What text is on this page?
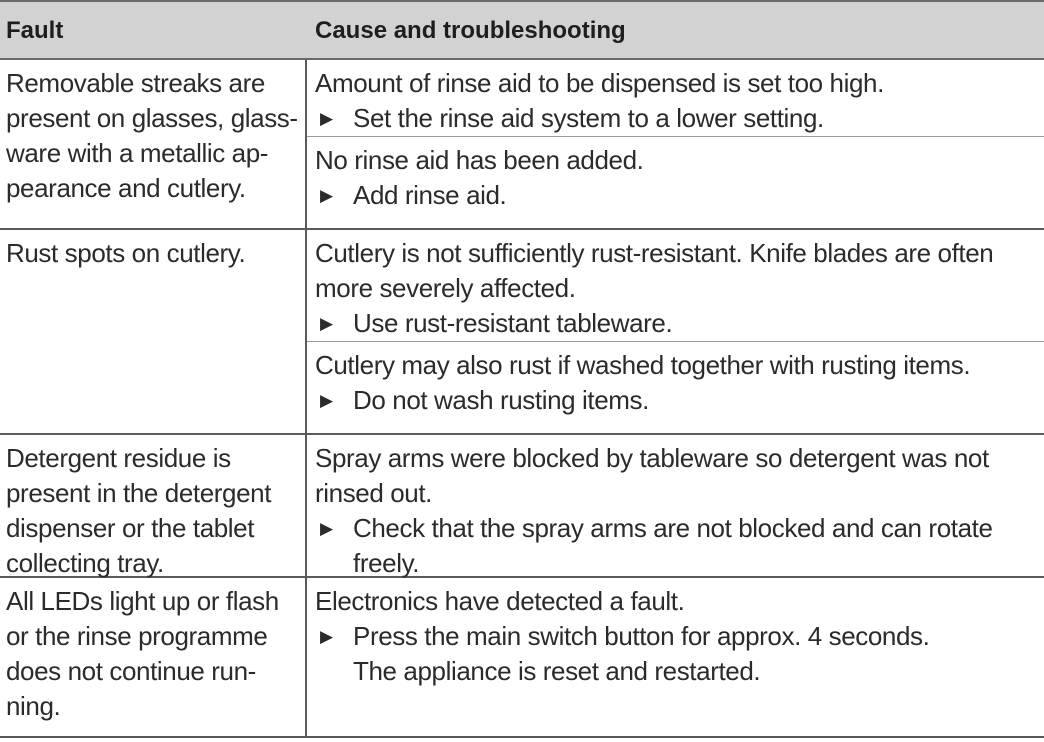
Fault	Cause and troubleshooting
Removable streaks are
present on glasses, glass-
ware with a metallic ap-
pearance and cutlery.
Amount of rinse aid to be dispensed is set too high.
▶ Set the rinse aid system to a lower setting.
No rinse aid has been added.
▶ Add rinse aid.
Rust spots on cutlery.	Cutlery is not sufficiently rust-resistant. Knife blades are often
more severely affected.
▶ Use rust-resistant tableware.
Cutlery may also rust if washed together with rusting items.
▶ Do not wash rusting items.
Detergent residue is
present in the detergent
dispenser or the tablet
collecting tray.
Spray arms were blocked by tableware so detergent was not
rinsed out.
▶ Check that the spray arms are not blocked and can rotate
freely.
All LEDs light up or flash
or the rinse programme
does not continue run-
ning.
Electronics have detected a fault.
▶ Press the main switch button for approx. 4 seconds.
The appliance is reset and restarted.
